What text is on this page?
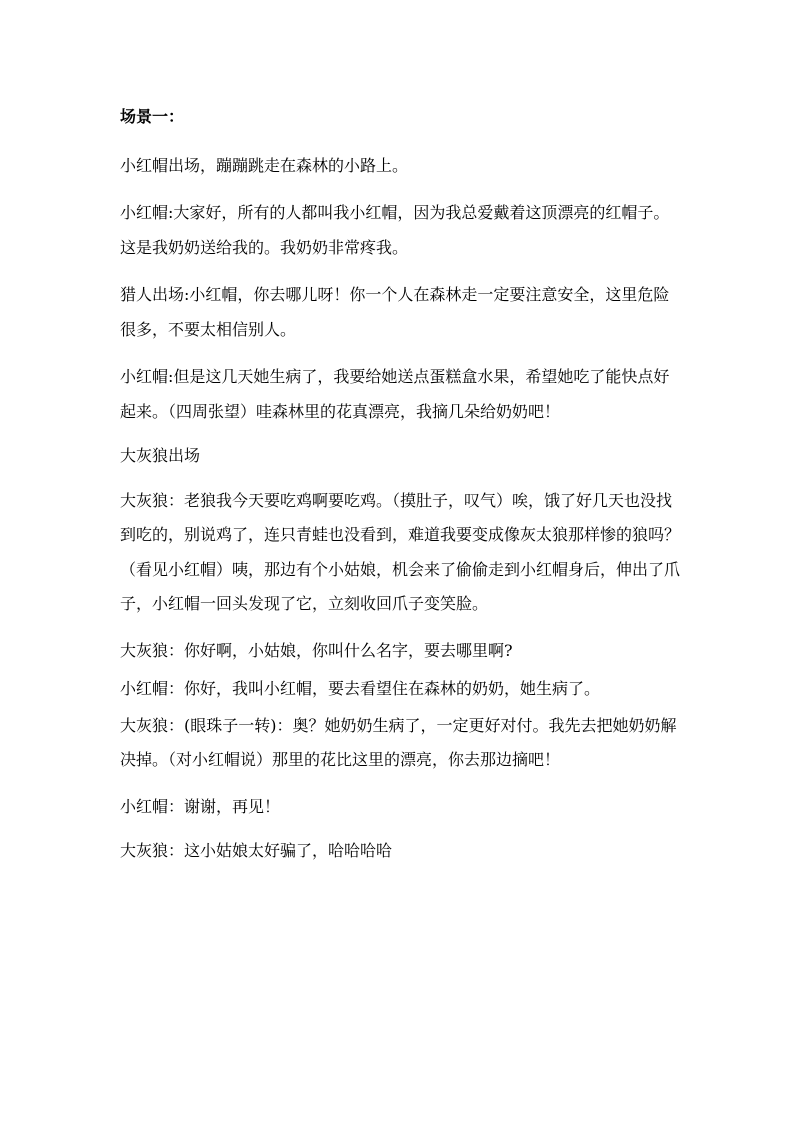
场景一：

小红帽出场，蹦蹦跳走在森林的小路上。

小红帽:大家好，所有的人都叫我小红帽，因为我总爱戴着这顶漂亮的红帽子。这是我奶奶送给我的。我奶奶非常疼我。

猎人出场:小红帽，你去哪儿呀！你一个人在森林走一定要注意安全，这里危险很多，不要太相信别人。

小红帽:但是这几天她生病了，我要给她送点蛋糕盒水果，希望她吃了能快点好起来。（四周张望）哇森林里的花真漂亮，我摘几朵给奶奶吧！

大灰狼出场

大灰狼：老狼我今天要吃鸡啊要吃鸡。（摸肚子，叹气）唉，饿了好几天也没找到吃的，别说鸡了，连只青蛙也没看到，难道我要变成像灰太狼那样惨的狼吗？（看见小红帽）咦，那边有个小姑娘，机会来了偷偷走到小红帽身后，伸出了爪子，小红帽一回头发现了它，立刻收回爪子变笑脸。

大灰狼：你好啊，小姑娘，你叫什么名字，要去哪里啊?

小红帽：你好，我叫小红帽，要去看望住在森林的奶奶，她生病了。

大灰狼：(眼珠子一转)：奥？她奶奶生病了，一定更好对付。我先去把她奶奶解决掉。（对小红帽说）那里的花比这里的漂亮，你去那边摘吧！

小红帽：谢谢，再见！

大灰狼：这小姑娘太好骗了，哈哈哈哈
